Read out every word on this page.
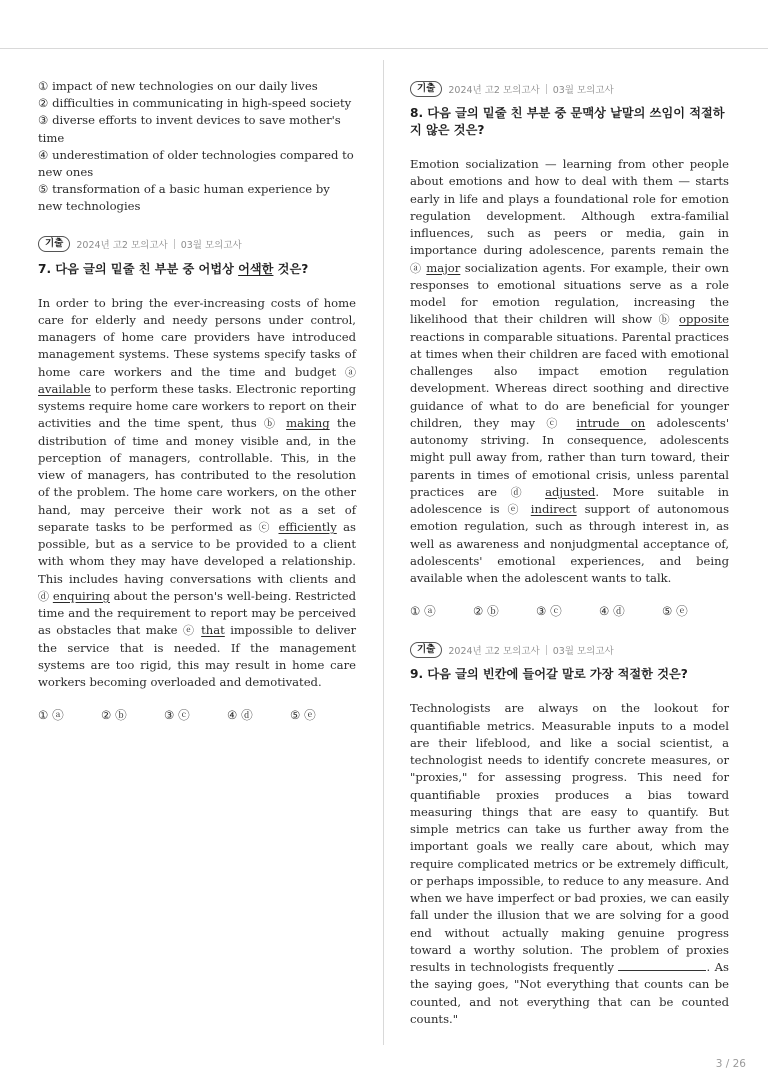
① impact of new technologies on our daily lives
② difficulties in communicating in high-speed society
③ diverse efforts to invent devices to save mother's time
④ underestimation of older technologies compared to new ones
⑤ transformation of a basic human experience by new technologies
기출	2024년 고2 모의고사 03월 모의고사
7. 다음 글의 밑줄 친 부분 중 어법상 어색한 것은?

In order to bring the ever-increasing costs of home care for elderly and needy persons under control, managers of home care providers have introduced management systems. These systems specify tasks of home care workers and the time and budget ⓐ available to perform these tasks. Electronic reporting systems require home care workers to report on their activities and the time spent, thus ⓑ making the distribution of time and money visible and, in the perception of managers, controllable. This, in the view of managers, has contributed to the resolution of the problem. The home care workers, on the other hand, may perceive their work not as a set of separate tasks to be performed as ⓒ efficiently as possible, but as a service to be provided to a client with whom they may have developed a relationship. This includes having conversations with clients and ⓓ enquiring about the person's well-being. Restricted time and the requirement to report may be perceived as obstacles that make ⓔ that impossible to deliver the service that is needed. If the management systems are too rigid, this may result in home care workers becoming overloaded and demotivated.

① ⓐ	② ⓑ	③ ⓒ	④ ⓓ	⑤ ⓔ
기출	2024년 고2 모의고사 03월 모의고사
8. 다음 글의 밑줄 친 부분 중 문맥상 낱말의 쓰임이 적절하지 않은 것은?

Emotion socialization — learning from other people about emotions and how to deal with them — starts early in life and plays a foundational role for emotion regulation development. Although extra-familial influences, such as peers or media, gain in importance during adolescence, parents remain the ⓐ major socialization agents. For example, their own responses to emotional situations serve as a role model for emotion regulation, increasing the likelihood that their children will show ⓑ opposite reactions in comparable situations. Parental practices at times when their children are faced with emotional challenges also impact emotion regulation development. Whereas direct soothing and directive guidance of what to do are beneficial for younger children, they may ⓒ intrude on adolescents' autonomy striving. In consequence, adolescents might pull away from, rather than turn toward, their parents in times of emotional crisis, unless parental practices are ⓓ adjusted. More suitable in adolescence is ⓔ indirect support of autonomous emotion regulation, such as through interest in, as well as awareness and nonjudgmental acceptance of, adolescents' emotional experiences, and being available when the adolescent wants to talk.

① ⓐ	② ⓑ	③ ⓒ	④ ⓓ	⑤ ⓔ
기출	2024년 고2 모의고사 03월 모의고사
9. 다음 글의 빈칸에 들어갈 말로 가장 적절한 것은?

Technologists are always on the lookout for quantifiable metrics. Measurable inputs to a model are their lifeblood, and like a social scientist, a technologist needs to identify concrete measures, or "proxies," for assessing progress. This need for quantifiable proxies produces a bias toward measuring things that are easy to quantify. But simple metrics can take us further away from the important goals we really care about, which may require complicated metrics or be extremely difficult, or perhaps impossible, to reduce to any measure. And when we have imperfect or bad proxies, we can easily fall under the illusion that we are solving for a good end without actually making genuine progress toward a worthy solution. The problem of proxies results in technologists frequently	. As the saying goes, "Not everything that counts can be counted, and not everything that can be counted counts."

3 / 26
